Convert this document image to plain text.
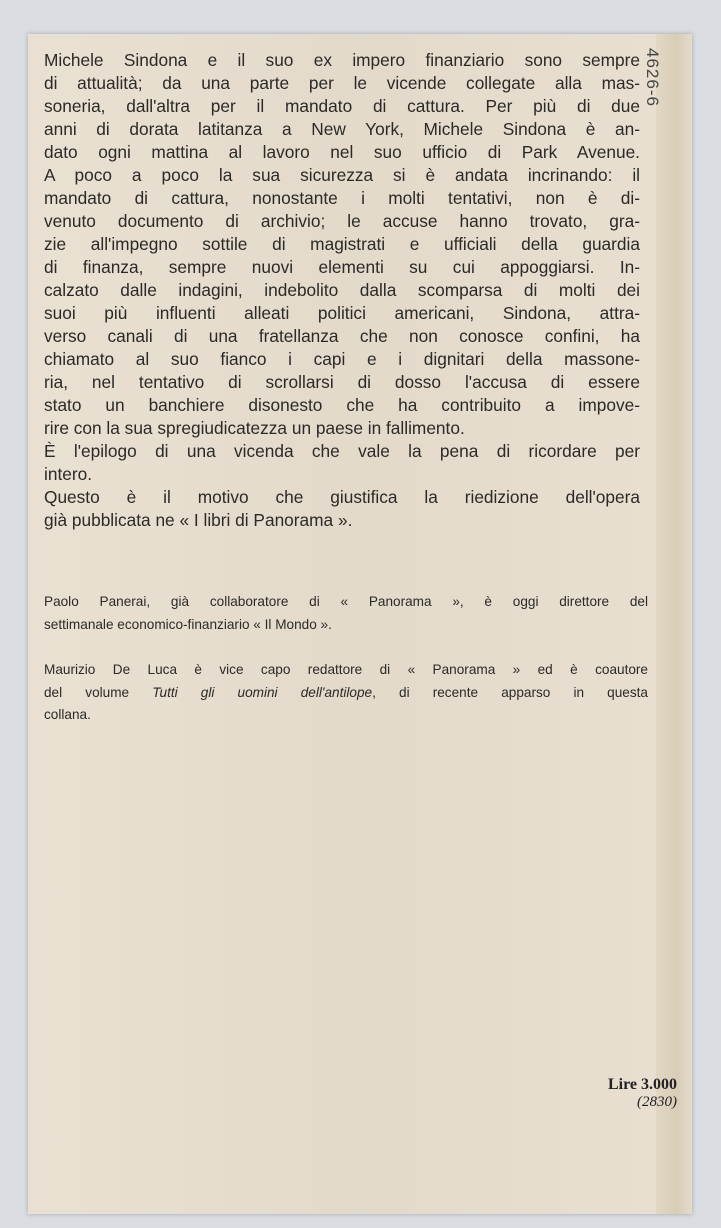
Michele Sindona e il suo ex impero finanziario sono sempre
di attualità; da una parte per le vicende collegate alla mas-
soneria, dall'altra per il mandato di cattura. Per più di due
anni di dorata latitanza a New York, Michele Sindona è an-
dato ogni mattina al lavoro nel suo ufficio di Park Avenue.
A poco a poco la sua sicurezza si è andata incrinando: il
mandato di cattura, nonostante i molti tentativi, non è di-
venuto documento di archivio; le accuse hanno trovato, gra-
zie all'impegno sottile di magistrati e ufficiali della guardia
di finanza, sempre nuovi elementi su cui appoggiarsi. In-
calzato dalle indagini, indebolito dalla scomparsa di molti dei
suoi più influenti alleati politici americani, Sindona, attra-
verso canali di una fratellanza che non conosce confini, ha
chiamato al suo fianco i capi e i dignitari della massone-
ria, nel tentativo di scrollarsi di dosso l'accusa di essere
stato un banchiere disonesto che ha contribuito a impove-
rire con la sua spregiudicatezza un paese in fallimento.
È l'epilogo di una vicenda che vale la pena di ricordare per
intero.
Questo è il motivo che giustifica la riedizione dell'opera
già pubblicata ne « I libri di Panorama ».
Paolo Panerai, già collaboratore di « Panorama », è oggi direttore del
settimanale economico-finanziario « Il Mondo ».
Maurizio De Luca è vice capo redattore di « Panorama » ed è coautore
del volume Tutti gli uomini dell'antilope, di recente apparso in questa
collana.
4626-6
Lire 3.000
(2830)
